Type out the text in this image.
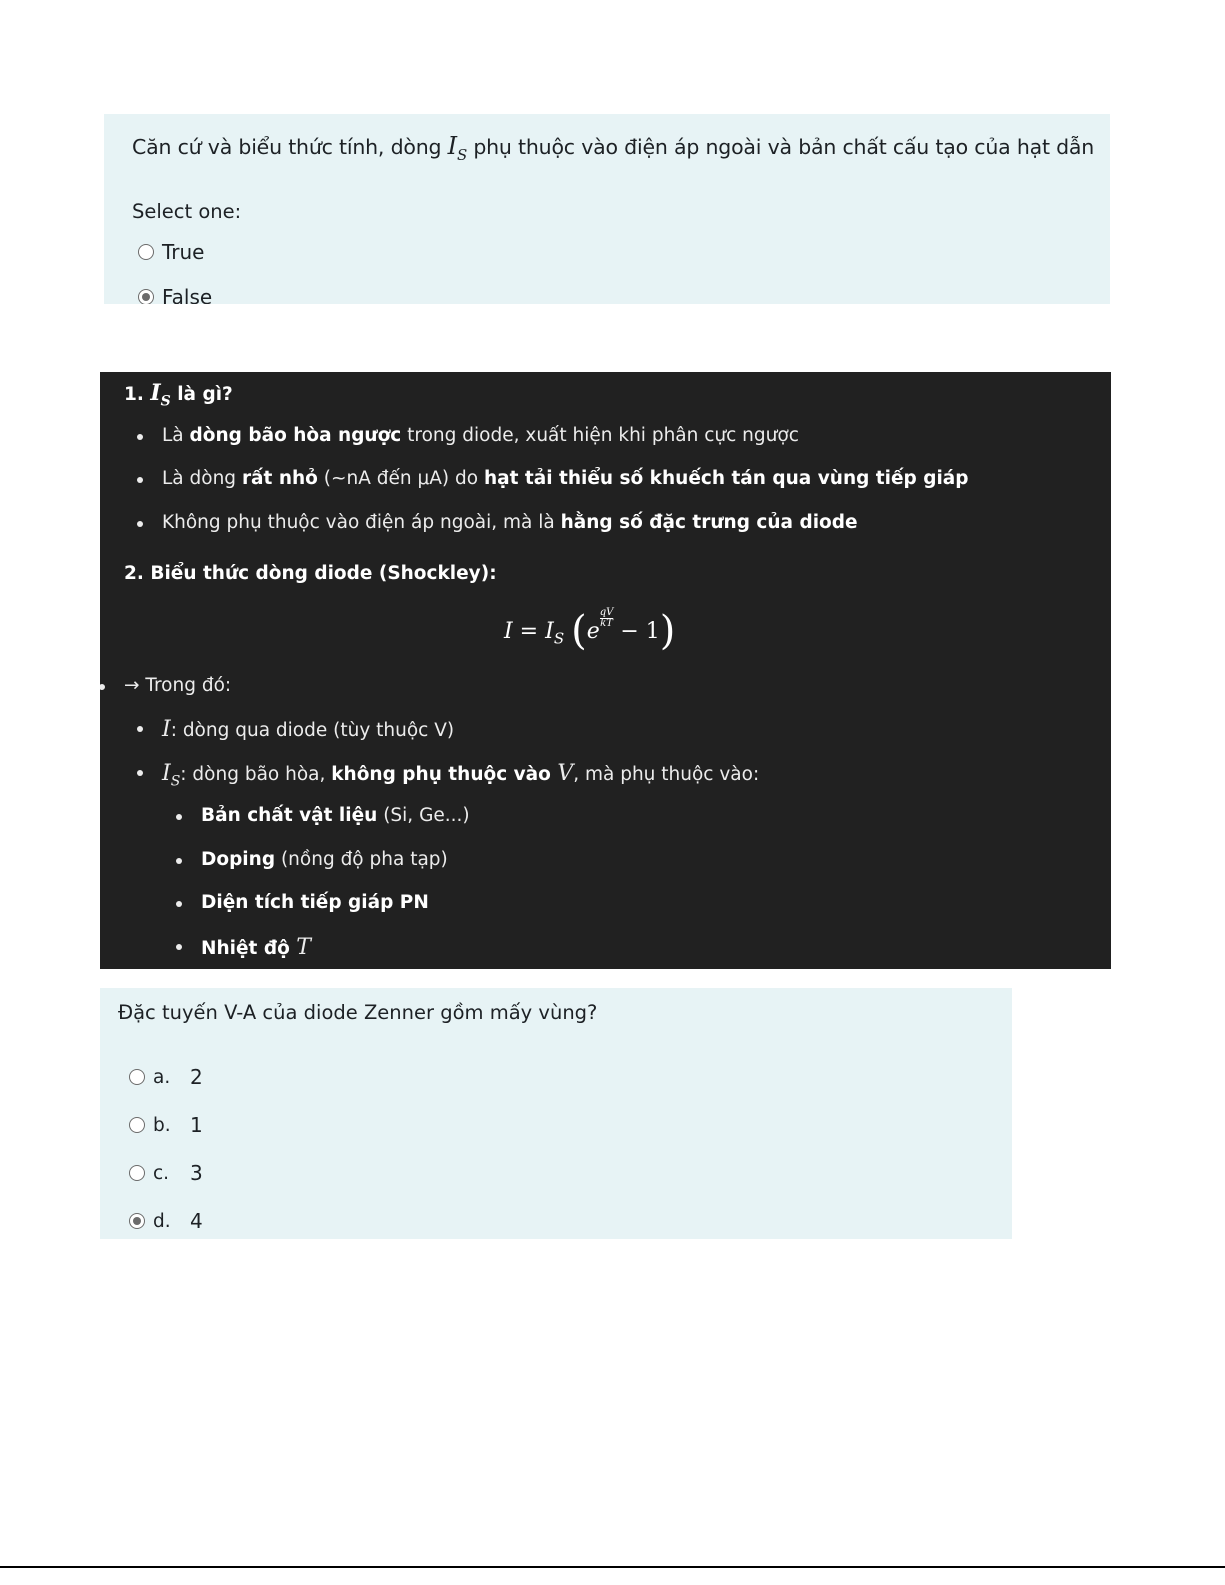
Căn cứ và biểu thức tính, dòng $I_S$ phụ thuộc vào điện áp ngoài và bản chất cấu tạo của hạt dẫn
Select one:
True
False
1. $I_S$ là gì?
Là dòng bão hòa ngược trong diode, xuất hiện khi phân cực ngược
Là dòng rất nhỏ (~nA đến μA) do hạt tải thiểu số khuếch tán qua vùng tiếp giáp
Không phụ thuộc vào điện áp ngoài, mà là hằng số đặc trưng của diode
2. Biểu thức dòng diode (Shockley):
$I = I_S$ (e
$\frac{qV}{kT}$
− 1)
→ Trong đó:
I: dòng qua diode (tùy thuộc V)
$I_S$: dòng bão hòa, không phụ thuộc vào V, mà phụ thuộc vào:
Bản chất vật liệu (Si, Ge...)
Doping (nồng độ pha tạp)
Diện tích tiếp giáp PN
Nhiệt độ T
Đặc tuyến V-A của diode Zenner gồm mấy vùng?
a. 2
b. 1
c.	3
d. 4
